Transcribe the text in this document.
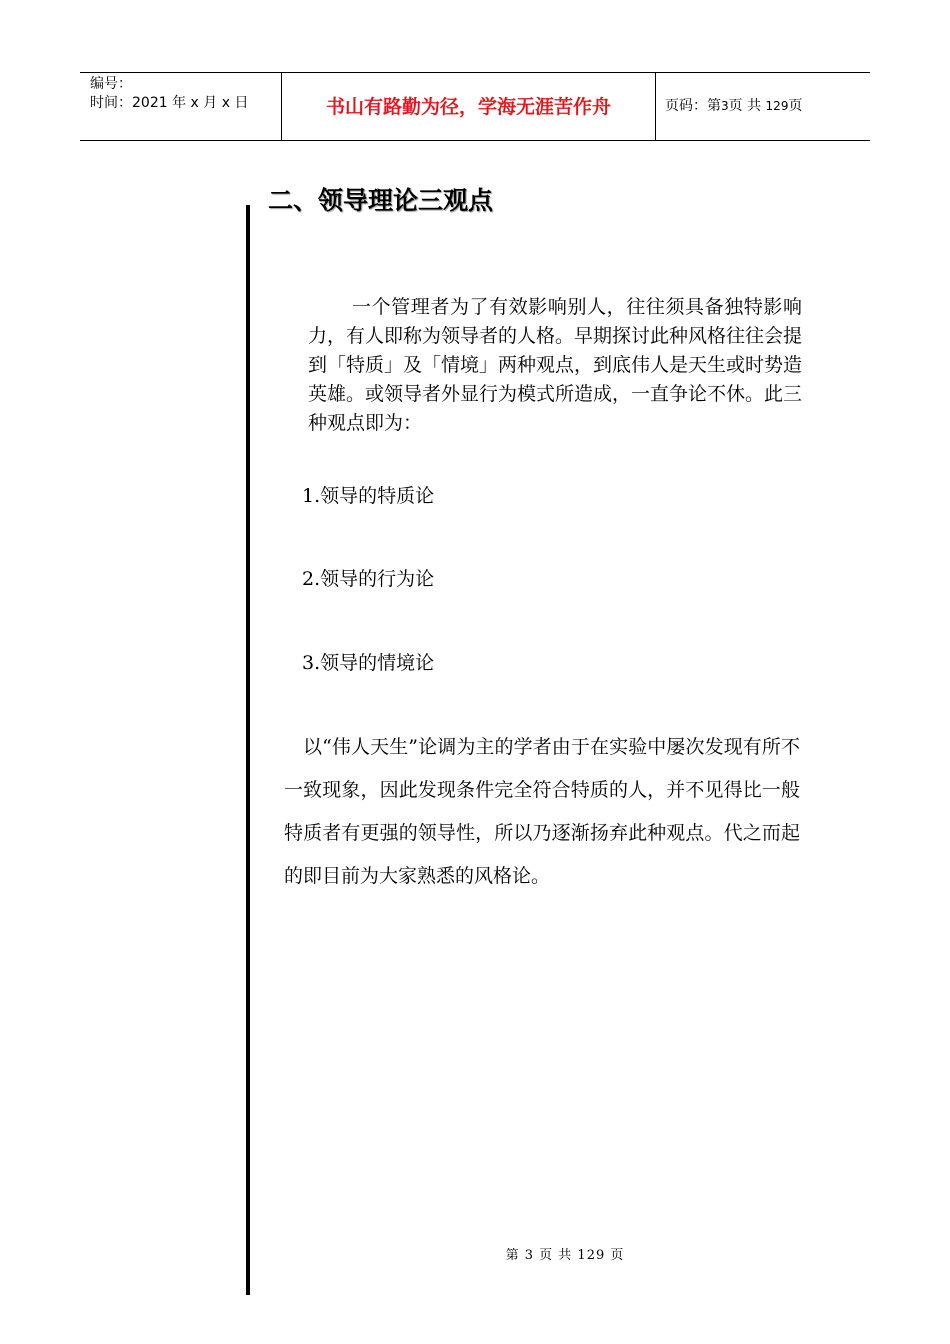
编号：
时间：2021 年 x 月 x 日	书山有路勤为径，学海无涯苦作舟	页码：第3页 共 129页
二、领导理论三观点

一个管理者为了有效影响别人，往往须具备独特影响力，有人即称为领导者的人格。早期探讨此种风格往往会提到「特质」及「情境」两种观点，到底伟人是天生或时势造英雄。或领导者外显行为模式所造成，一直争论不休。此三种观点即为：

1.领导的特质论
2.领导的行为论
3.领导的情境论

以“伟人天生”论调为主的学者由于在实验中屡次发现有所不一致现象，因此发现条件完全符合特质的人，并不见得比一般特质者有更强的领导性，所以乃逐渐扬弃此种观点。代之而起的即目前为大家熟悉的风格论。

第 3 页 共 129 页
